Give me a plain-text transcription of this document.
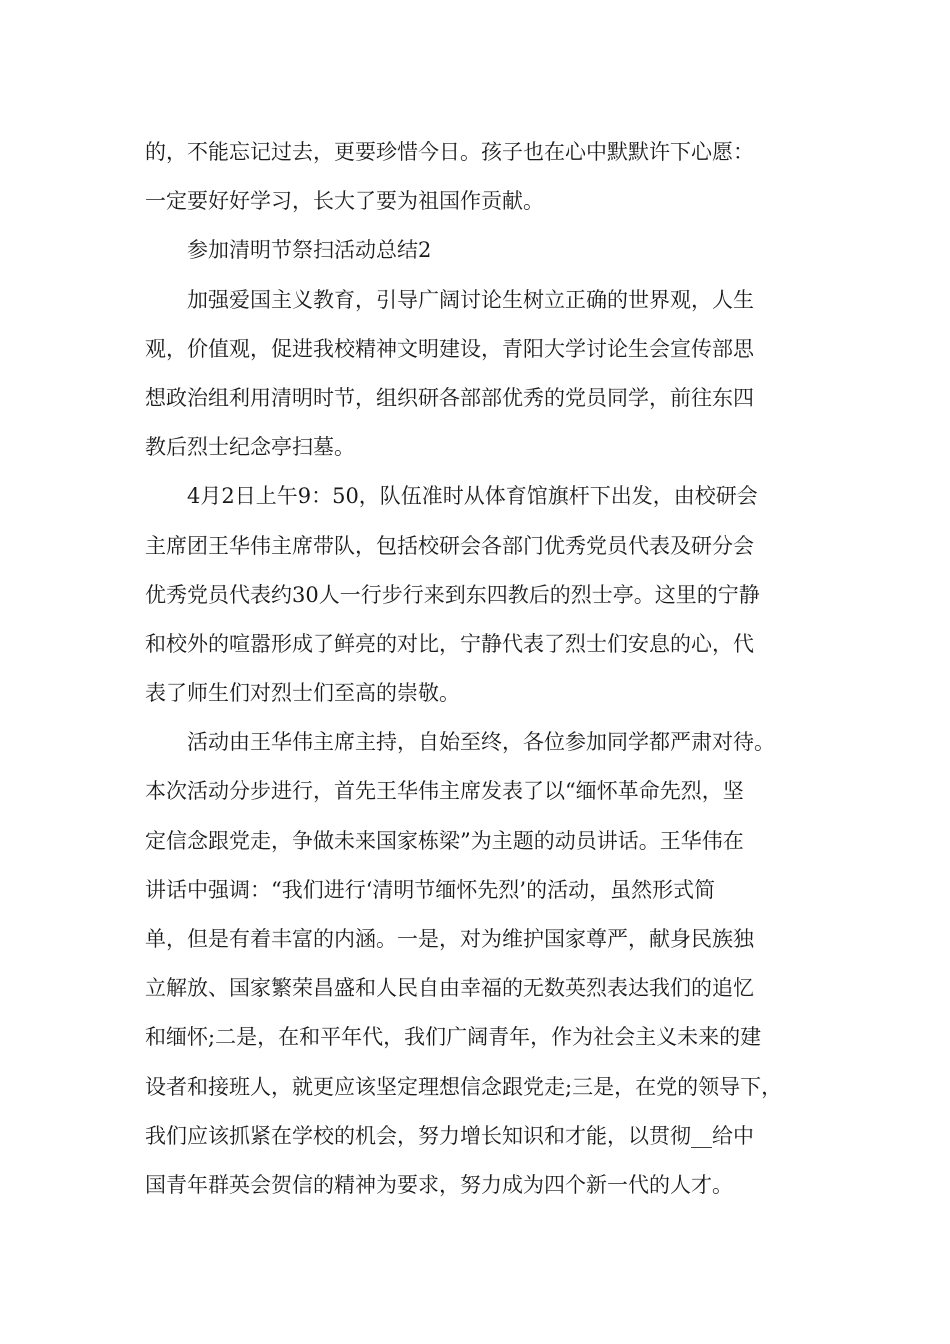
的，不能忘记过去，更要珍惜今日。孩子也在心中默默许下心愿：
一定要好好学习，长大了要为祖国作贡献。
参加清明节祭扫活动总结2
加强爱国主义教育，引导广阔讨论生树立正确的世界观，人生
观，价值观，促进我校精神文明建设，青阳大学讨论生会宣传部思
想政治组利用清明时节，组织研各部部优秀的党员同学，前往东四
教后烈士纪念亭扫墓。
4月2日上午9：50，队伍准时从体育馆旗杆下出发，由校研会
主席团王华伟主席带队，包括校研会各部门优秀党员代表及研分会
优秀党员代表约30人一行步行来到东四教后的烈士亭。这里的宁静
和校外的喧嚣形成了鲜亮的对比，宁静代表了烈士们安息的心，代
表了师生们对烈士们至高的崇敬。
活动由王华伟主席主持，自始至终，各位参加同学都严肃对待。
本次活动分步进行，首先王华伟主席发表了以“缅怀革命先烈，坚
定信念跟党走，争做未来国家栋梁”为主题的动员讲话。王华伟在
讲话中强调：“我们进行‘清明节缅怀先烈’的活动，虽然形式简
单，但是有着丰富的内涵。一是，对为维护国家尊严，献身民族独
立解放、国家繁荣昌盛和人民自由幸福的无数英烈表达我们的追忆
和缅怀;二是，在和平年代，我们广阔青年，作为社会主义未来的建
设者和接班人，就更应该坚定理想信念跟党走;三是，在党的领导下，
我们应该抓紧在学校的机会，努力增长知识和才能，以贯彻__给中
国青年群英会贺信的精神为要求，努力成为四个新一代的人才。
